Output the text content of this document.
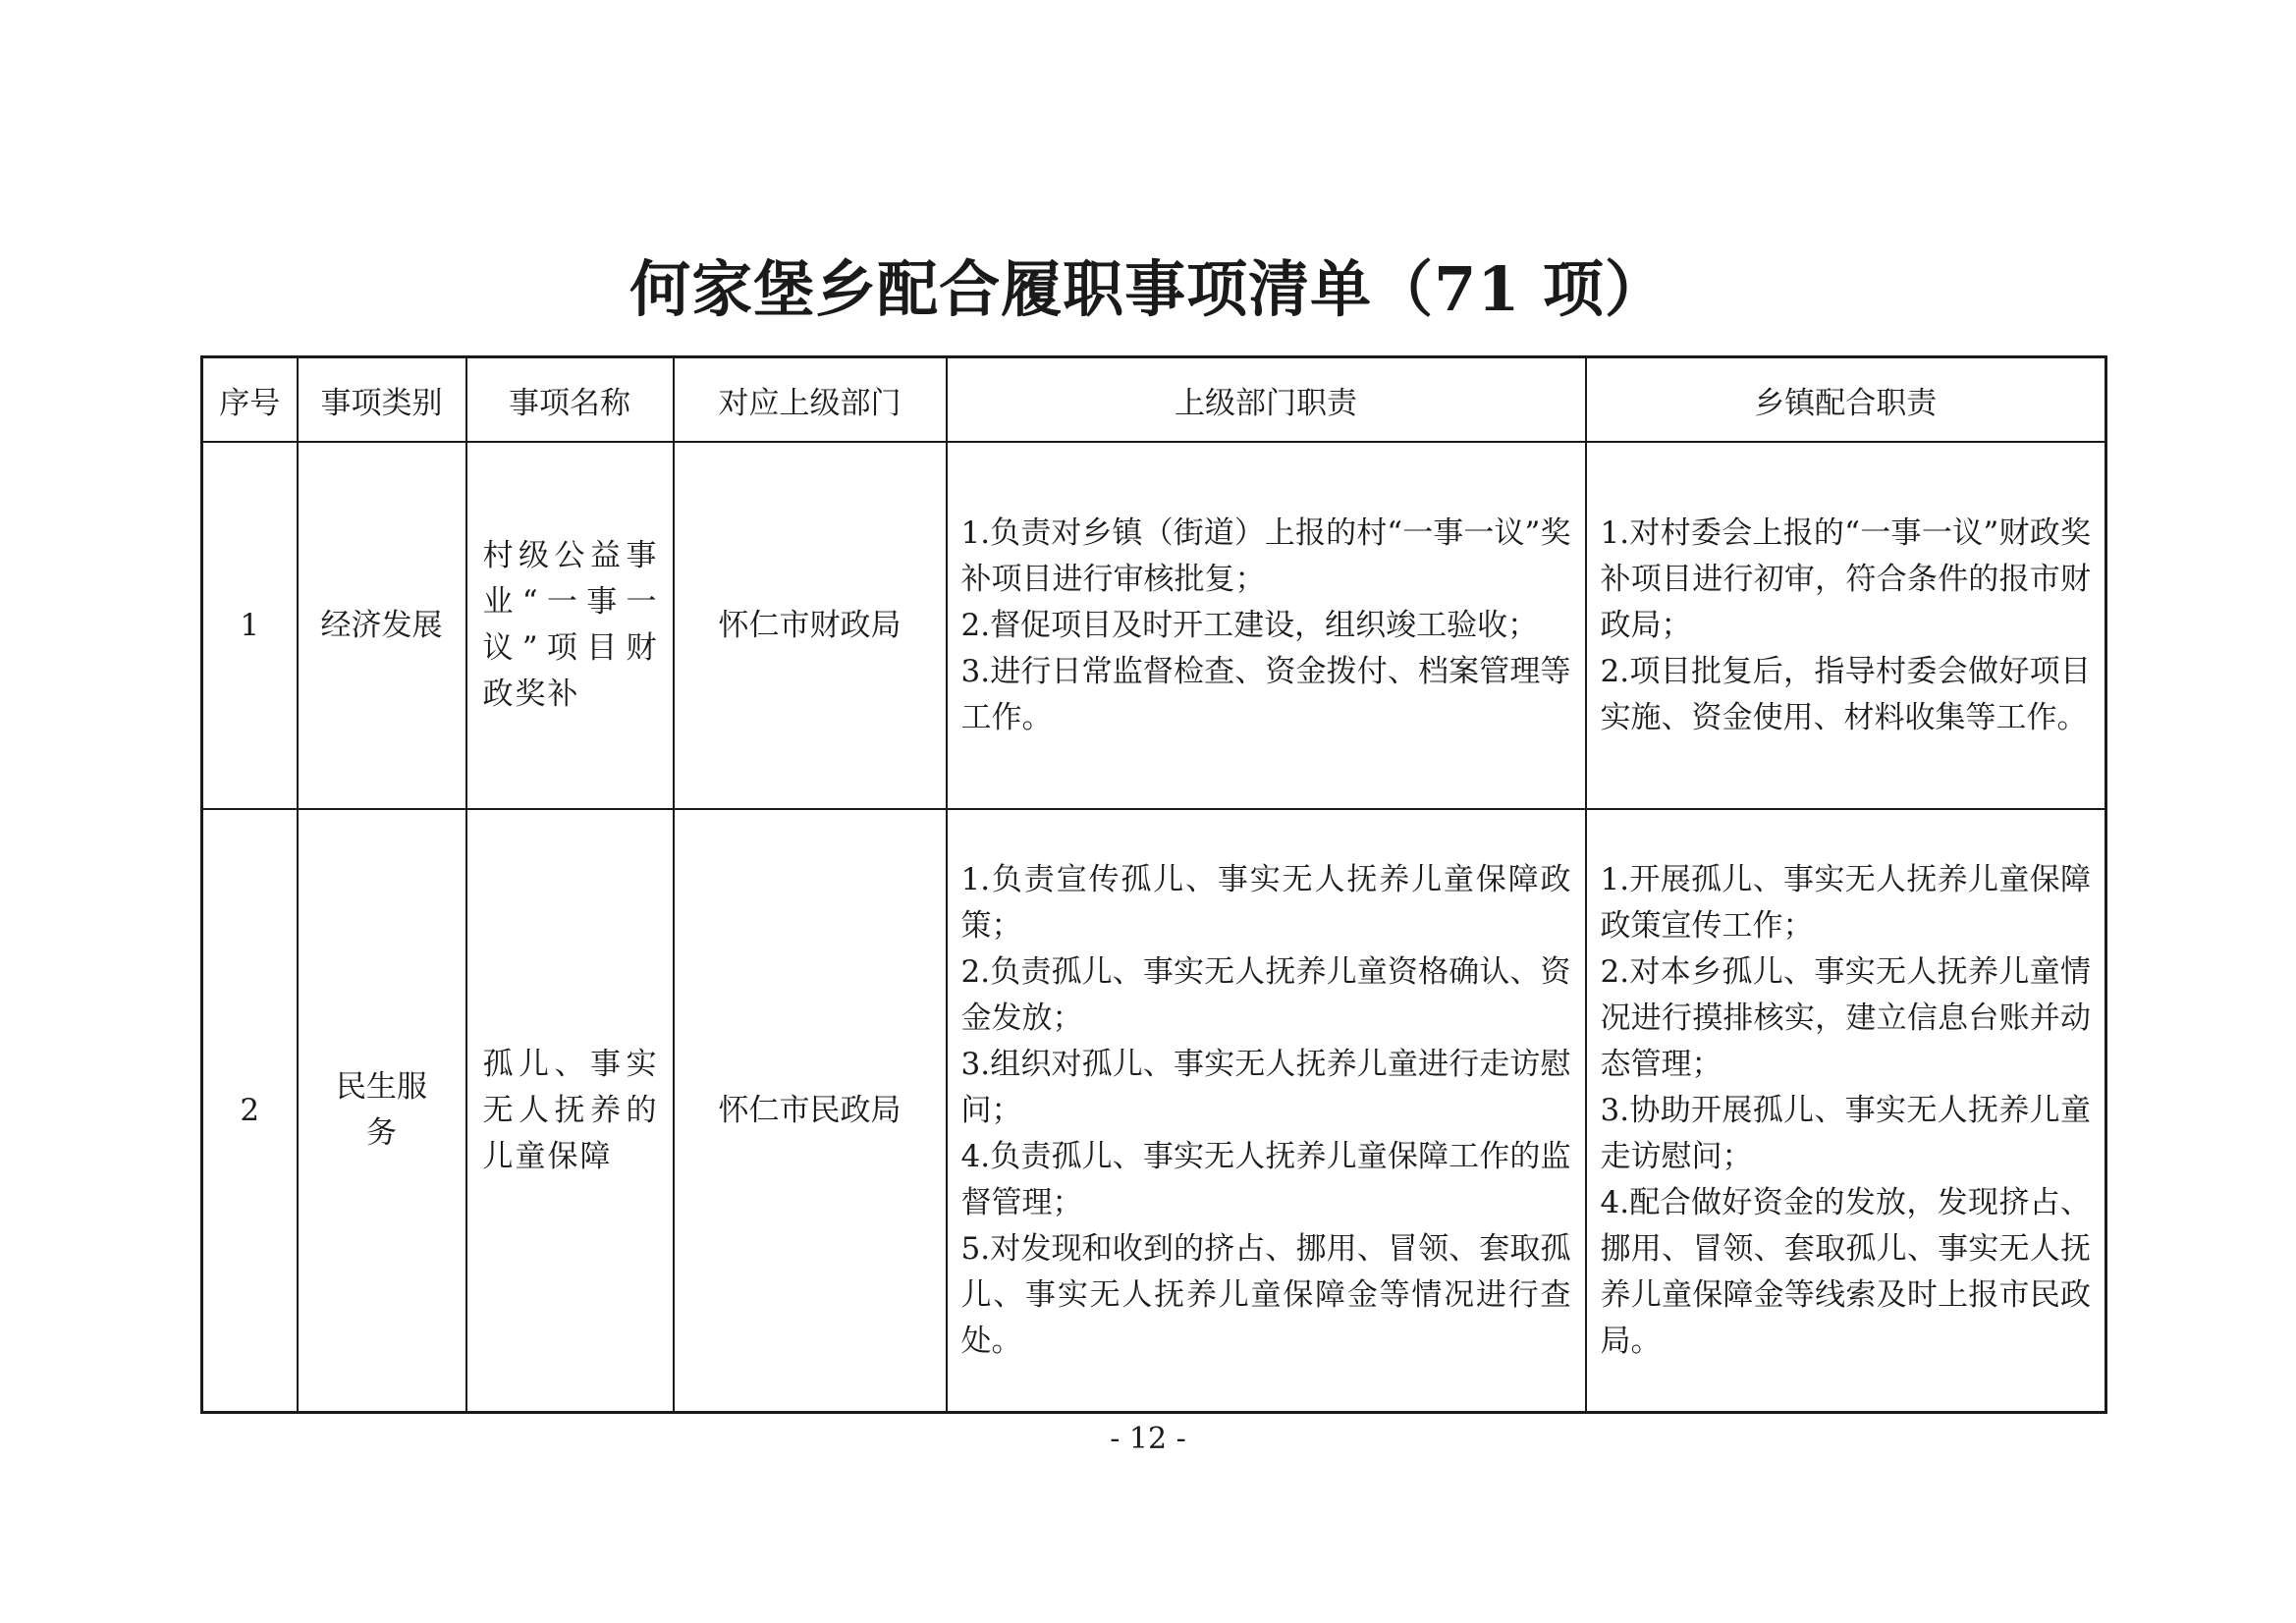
何家堡乡配合履职事项清单（71 项）
序号	事项类别	事项名称	对应上级部门	上级部门职责	乡镇配合职责
1	经济发展	村级公益事业“一事一议”项目财政奖补	怀仁市财政局	1.负责对乡镇（街道）上报的村“一事一议”奖补项目进行审核批复；
2.督促项目及时开工建设，组织竣工验收；
3.进行日常监督检查、资金拨付、档案管理等工作。	1.对村委会上报的“一事一议”财政奖补项目进行初审，符合条件的报市财政局；
2.项目批复后，指导村委会做好项目实施、资金使用、材料收集等工作。

2	民生服务	孤儿、事实无人抚养的儿童保障	怀仁市民政局	1.负责宣传孤儿、事实无人抚养儿童保障政策；
2.负责孤儿、事实无人抚养儿童资格确认、资金发放；
3.组织对孤儿、事实无人抚养儿童进行走访慰问；
4.负责孤儿、事实无人抚养儿童保障工作的监督管理；
5.对发现和收到的挤占、挪用、冒领、套取孤儿、事实无人抚养儿童保障金等情况进行查处。	1.开展孤儿、事实无人抚养儿童保障政策宣传工作；
2.对本乡孤儿、事实无人抚养儿童情况进行摸排核实，建立信息台账并动态管理；
3.协助开展孤儿、事实无人抚养儿童走访慰问；
4.配合做好资金的发放，发现挤占、挪用、冒领、套取孤儿、事实无人抚养儿童保障金等线索及时上报市民政局。
- 12 -
